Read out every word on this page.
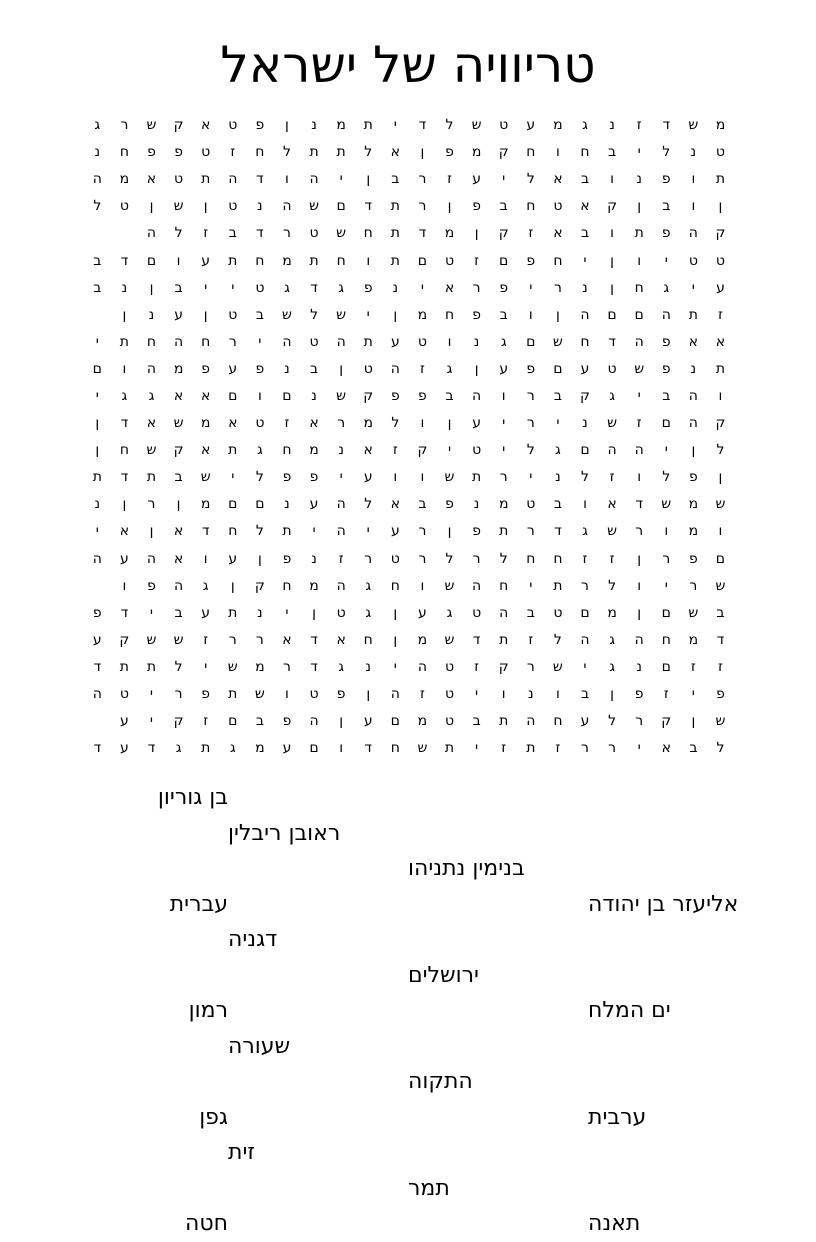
טריוויה של ישראל
מ
ש
ד
ז
נ
ג
מ
ע
ט
ש
ל
ד
י
ת
מ
נ
ן
פ
ט
א
ק
ש
ר
ג
ט
נ
ל
י
ב
ח
ו
ח
ק
מ
פ
ן
א
ל
ת
ת
ל
ח
ז
ט
פ
פ
ח
נ
ת
ו
פ
נ
ו
ב
א
ל
י
ע
ז
ר
ב
ן
י
ה
ו
ד
ה
ת
ט
א
מ
ה
ן
ו
ב
ן
ק
א
ט
ח
ב
פ
ן
ר
ת
ד
ם
ש
ה
נ
ט
ן
ש
ן
ט
ל
ק
ה
פ
ת
ו
ב
א
ז
ק
ן
מ
ד
ת
ח
ש
ט
ר
ד
ב
ז
ל
ה
ט
ט
י
ו
ן
י
ח
פ
ם
ז
ט
ם
ת
ו
ח
ת
מ
ח
ת
ע
ו
ם
ד
ב
ע
י
ג
ח
ן
נ
ר
י
פ
ר
א
י
נ
פ
ג
ד
ג
ט
י
י
ב
ן
נ
ב
ז
ת
ה
ם
ם
ה
ן
ו
ב
פ
ח
מ
ן
י
ש
ל
ש
ב
ט
ן
ע
נ
ן
א
א
פ
ה
ד
ח
ש
ם
ג
נ
ו
ט
ע
ת
ה
ט
ה
י
ר
ח
ה
ח
ת
י
ת
נ
פ
ש
ט
ע
ם
פ
ע
ן
ג
ז
ה
ט
ן
ב
נ
פ
ע
פ
מ
ה
ו
ם
ו
ה
ב
י
ג
ק
ב
ר
ו
ה
ב
פ
פ
ק
ש
נ
ם
ו
ם
א
א
ג
ג
י
ק
ה
ם
ז
ש
נ
י
ר
י
ע
ן
ו
ל
מ
ר
א
ז
ט
א
מ
ש
א
ד
ן
ל
ן
י
ה
ה
ם
ג
ל
י
ט
י
ק
ז
א
נ
מ
ח
ג
ת
א
ק
ש
ח
ן
ן
פ
ל
ו
ז
ל
נ
י
ר
ת
ש
ו
ו
ע
י
פ
פ
ל
י
ש
ב
ת
ד
ת
ש
מ
ש
ד
א
ו
ב
ט
מ
נ
פ
ב
א
ל
ה
ע
נ
ם
ם
מ
ן
ר
ן
נ
ו
מ
ו
ר
ש
ג
ד
ר
ת
פ
ן
ר
ע
י
ה
י
ת
ל
ח
ד
א
ן
א
י
ם
פ
ר
ן
ז
ז
ח
ח
ל
ר
ל
ר
ט
ר
ז
נ
פ
ן
ע
ו
א
ה
ע
ה
ש
ר
י
ו
ל
ר
ת
י
ח
ה
ש
ו
ח
ג
ה
מ
ח
ק
ן
ג
ה
פ
ו
ב
ש
ם
ן
מ
ם
ט
ב
ה
ט
ג
ע
ן
ג
ט
ן
י
נ
ת
ע
ב
י
ד
פ
ד
מ
ח
ה
ג
ה
ל
ז
ת
ד
ש
מ
ן
ח
א
ד
א
ר
ר
ז
ש
ש
ק
ע
ז
ז
ם
נ
ג
י
ש
ר
ק
ז
ט
ה
י
נ
ג
ד
ר
מ
ש
י
ל
ת
ת
ד
פ
י
ז
פ
ן
ב
ו
נ
ו
י
ט
ז
ה
ן
פ
ט
ו
ש
ת
פ
ר
י
ט
ה
ש
ן
ק
ר
ל
ע
ח
ה
ת
ב
ט
מ
ם
ע
ן
ה
פ
ב
ם
ז
ק
י
ע
ל
ב
א
י
ר
ר
ז
ת
ז
י
ת
ש
ח
ד
ו
ם
ע
מ
ג
ת
ג
ד
ע
ד
בן גוריון
ראובן ריבלין
בנימין נתניהו
אליעזר בן יהודה
עברית
דגניה
ירושלים
ים המלח
רמון
שעורה
התקוה
ערבית
גפן
זית
תמר
תאנה
חטה
